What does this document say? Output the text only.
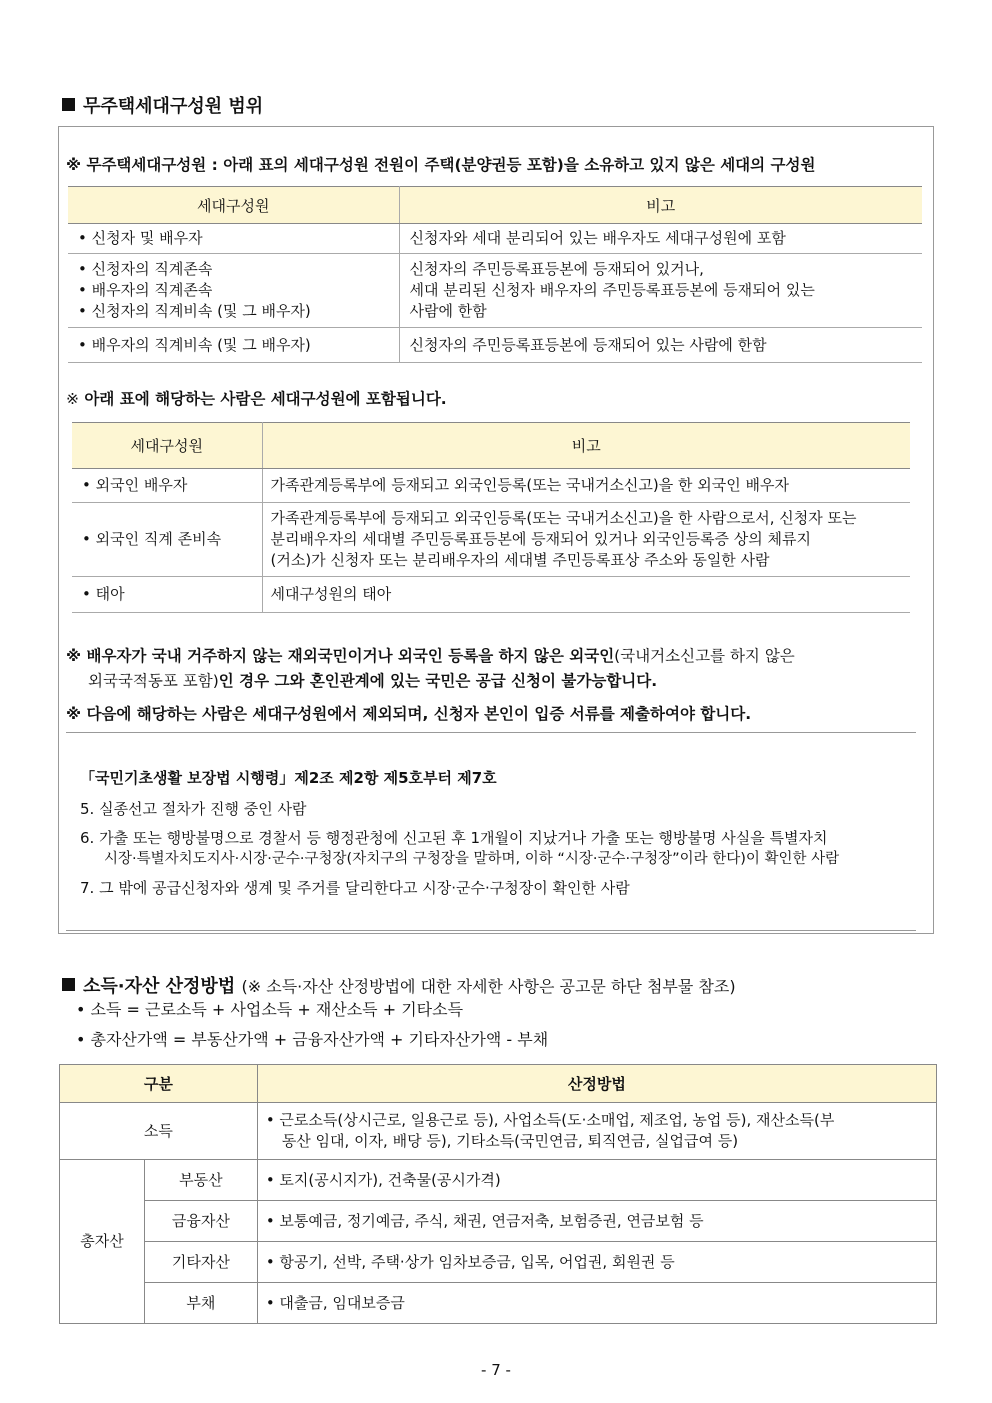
무주택세대구성원 범위
※ 무주택세대구성원 : 아래 표의 세대구성원 전원이 주택(분양권등 포함)을 소유하고 있지 않은 세대의 구성원
세대구성원	비고

• 신청자 및 배우자	신청자와 세대 분리되어 있는 배우자도 세대구성원에 포함

• 신청자의 직계존속
• 배우자의 직계존속
• 신청자의 직계비속 (및 그 배우자)	신청자의 주민등록표등본에 등재되어 있거나,
세대 분리된 신청자 배우자의 주민등록표등본에 등재되어 있는
사람에 한함

• 배우자의 직계비속 (및 그 배우자)	신청자의 주민등록표등본에 등재되어 있는 사람에 한함
※ 아래 표에 해당하는 사람은 세대구성원에 포함됩니다.
세대구성원	비고

• 외국인 배우자	가족관계등록부에 등재되고 외국인등록(또는 국내거소신고)을 한 외국인 배우자

• 외국인 직계 존비속	가족관계등록부에 등재되고 외국인등록(또는 국내거소신고)을 한 사람으로서, 신청자 또는
분리배우자의 세대별 주민등록표등본에 등재되어 있거나 외국인등록증 상의 체류지
(거소)가 신청자 또는 분리배우자의 세대별 주민등록표상 주소와 동일한 사람

• 태아	세대구성원의 태아
※ 배우자가 국내 거주하지 않는 재외국민이거나 외국인 등록을 하지 않은 외국인(국내거소신고를 하지 않은
외국국적동포 포함)인 경우 그와 혼인관계에 있는 국민은 공급 신청이 불가능합니다.
※ 다음에 해당하는 사람은 세대구성원에서 제외되며, 신청자 본인이 입증 서류를 제출하여야 합니다.
「국민기초생활 보장법 시행령」제2조 제2항 제5호부터 제7호
5. 실종선고 절차가 진행 중인 사람
6. 가출 또는 행방불명으로 경찰서 등 행정관청에 신고된 후 1개월이 지났거나 가출 또는 행방불명 사실을 특별자치
시장·특별자치도지사·시장·군수·구청장(자치구의 구청장을 말하며, 이하 “시장·군수·구청장”이라 한다)이 확인한 사람
7. 그 밖에 공급신청자와 생계 및 주거를 달리한다고 시장·군수·구청장이 확인한 사람
소득·자산 산정방법 (※ 소득·자산 산정방법에 대한 자세한 사항은 공고문 하단 첨부물 참조)
• 소득 = 근로소득 + 사업소득 + 재산소득 + 기타소득
• 총자산가액 = 부동산가액 + 금융자산가액 + 기타자산가액 - 부채
구분		산정방법
소득		• 근로소득(상시근로, 일용근로 등), 사업소득(도·소매업, 제조업, 농업 등), 재산소득(부
동산 임대, 이자, 배당 등), 기타소득(국민연금, 퇴직연금, 실업급여 등)

총자산	부동산	• 토지(공시지가), 건축물(공시가격)
	금융자산	• 보통예금, 정기예금, 주식, 채권, 연금저축, 보험증권, 연금보험 등
	기타자산	• 항공기, 선박, 주택·상가 임차보증금, 입목, 어업권, 회원권 등
	부채	• 대출금, 임대보증금
- 7 -
